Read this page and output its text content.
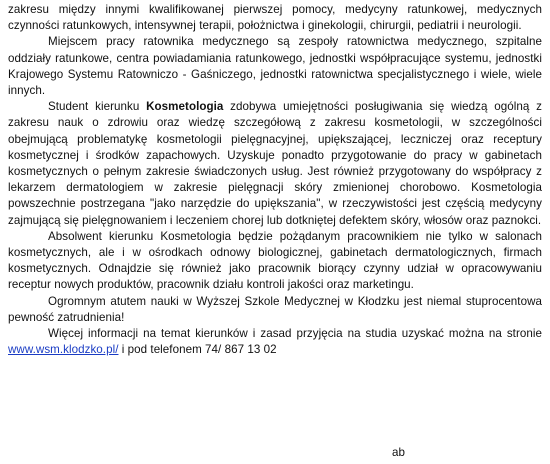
zakresu między innymi kwalifikowanej pierwszej pomocy, medycyny ratunkowej, medycznych czynności ratunkowych, intensywnej terapii, położnictwa i ginekologii, chirurgii, pediatrii i neurologii.

Miejscem pracy ratownika medycznego są zespoły ratownictwa medycznego, szpitalne oddziały ratunkowe, centra powiadamiania ratunkowego, jednostki współpracujące systemu, jednostki Krajowego Systemu Ratowniczo - Gaśniczego, jednostki ratownictwa specjalistycznego i wiele, wiele innych.

Student kierunku Kosmetologia zdobywa umiejętności posługiwania się wiedzą ogólną z zakresu nauk o zdrowiu oraz wiedzę szczegółową z zakresu kosmetologii, w szczególności obejmującą problematykę kosmetologii pielęgnacyjnej, upiększającej, leczniczej oraz receptury kosmetycznej i środków zapachowych. Uzyskuje ponadto przygotowanie do pracy w gabinetach kosmetycznych o pełnym zakresie świadczonych usług. Jest również przygotowany do współpracy z lekarzem dermatologiem w zakresie pielęgnacji skóry zmienionej chorobowo. Kosmetologia powszechnie postrzegana "jako narzędzie do upiększania", w rzeczywistości jest częścią medycyny zajmującą się pielęgnowaniem i leczeniem chorej lub dotkniętej defektem skóry, włosów oraz paznokci.

Absolwent kierunku Kosmetologia będzie pożądanym pracownikiem nie tylko w salonach kosmetycznych, ale i w ośrodkach odnowy biologicznej, gabinetach dermatologicznych, firmach kosmetycznych. Odnajdzie się również jako pracownik biorący czynny udział w opracowywaniu receptur nowych produktów, pracownik działu kontroli jakości oraz marketingu.

Ogromnym atutem nauki w Wyższej Szkole Medycznej w Kłodzku jest niemal stuprocentowa pewność zatrudnienia!

Więcej informacji na temat kierunków i zasad przyjęcia na studia uzyskać można na stronie www.wsm.klodzko.pl/ i pod telefonem 74/ 867 13 02

ab
